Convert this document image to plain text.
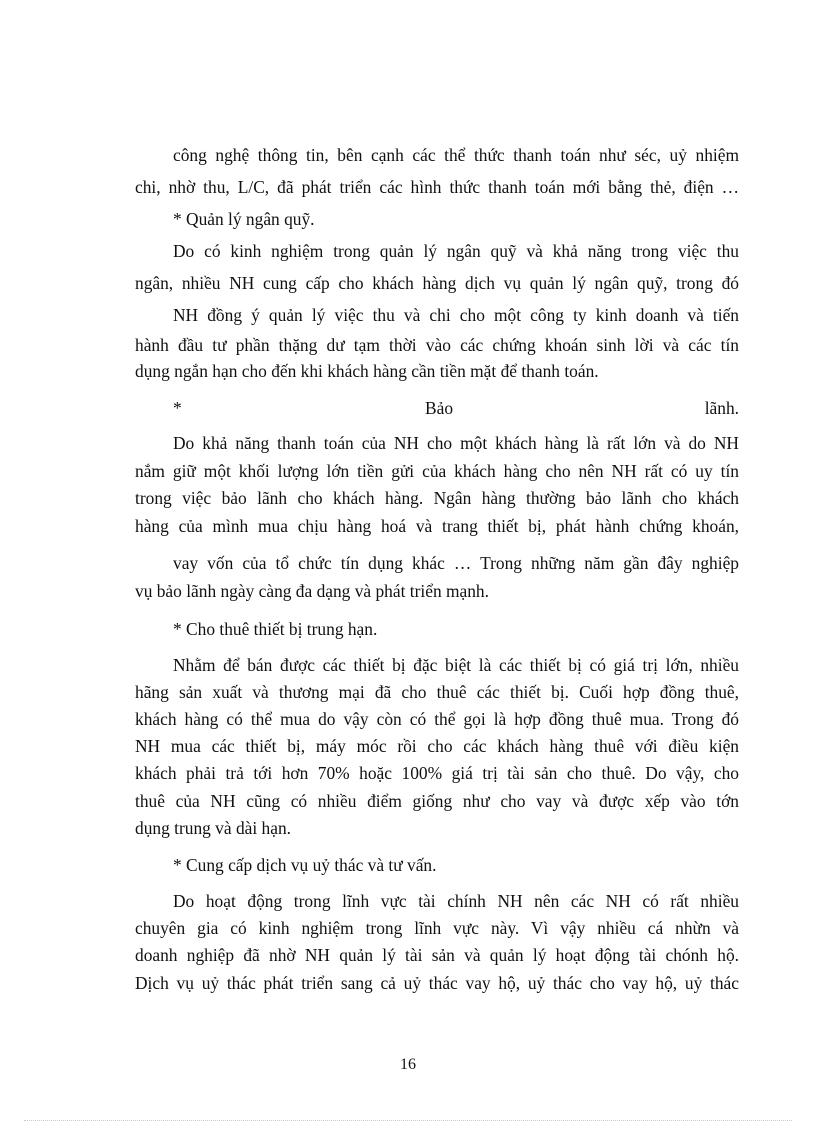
công nghệ thông tin, bên cạnh các thể thức thanh toán như séc, uỷ nhiệm
chi, nhờ thu, L/C, đã phát triển các hình thức thanh toán mới bằng thẻ, điện …
* Quản lý ngân quỹ.
Do có kinh nghiệm trong quản lý ngân quỹ và khả năng trong việc thu
ngân, nhiều NH cung cấp cho khách hàng dịch vụ quản lý ngân quỹ, trong đó
NH đồng ý quản lý việc thu và chi cho một công ty kinh doanh và tiến
hành đầu tư phần thặng dư tạm thời vào các chứng khoán sinh lời và các tín
dụng ngắn hạn cho đến khi khách hàng cần tiền mặt để thanh toán.
*	Bảo	lãnh.
Do khả năng thanh toán của NH cho một khách hàng là rất lớn và do NH
nắm giữ một khối lượng lớn tiền gửi của khách hàng cho nên NH rất có uy tín
trong việc bảo lãnh cho khách hàng. Ngân hàng thường bảo lãnh cho khách
hàng của mình mua chịu hàng hoá và trang thiết bị, phát hành chứng khoán,
vay vốn của tổ chức tín dụng khác … Trong những năm gần đây nghiệp
vụ bảo lãnh ngày càng đa dạng và phát triển mạnh.
* Cho thuê thiết bị trung hạn.
Nhằm để bán được các thiết bị đặc biệt là các thiết bị có giá trị lớn, nhiều
hãng sản xuất và thương mại đã cho thuê các thiết bị. Cuối hợp đồng thuê,
khách hàng có thể mua do vậy còn có thể gọi là hợp đồng thuê mua. Trong đó
NH mua các thiết bị, máy móc rồi cho các khách hàng thuê với điều kiện
khách phải trả tới hơn 70% hoặc 100% giá trị tài sản cho thuê. Do vậy, cho
thuê của NH cũng có nhiều điểm giống như cho vay và được xếp vào tớn
dụng trung và dài hạn.
* Cung cấp dịch vụ uỷ thác và tư vấn.
Do hoạt động trong lĩnh vực tài chính NH nên các NH có rất nhiều
chuyên gia có kinh nghiệm trong lĩnh vực này. Vì vậy nhiều cá nhừn và
doanh nghiệp đã nhờ NH quản lý tài sản và quản lý hoạt động tài chónh hộ.
Dịch vụ uỷ thác phát triển sang cả uỷ thác vay hộ, uỷ thác cho vay hộ, uỷ thác
16
